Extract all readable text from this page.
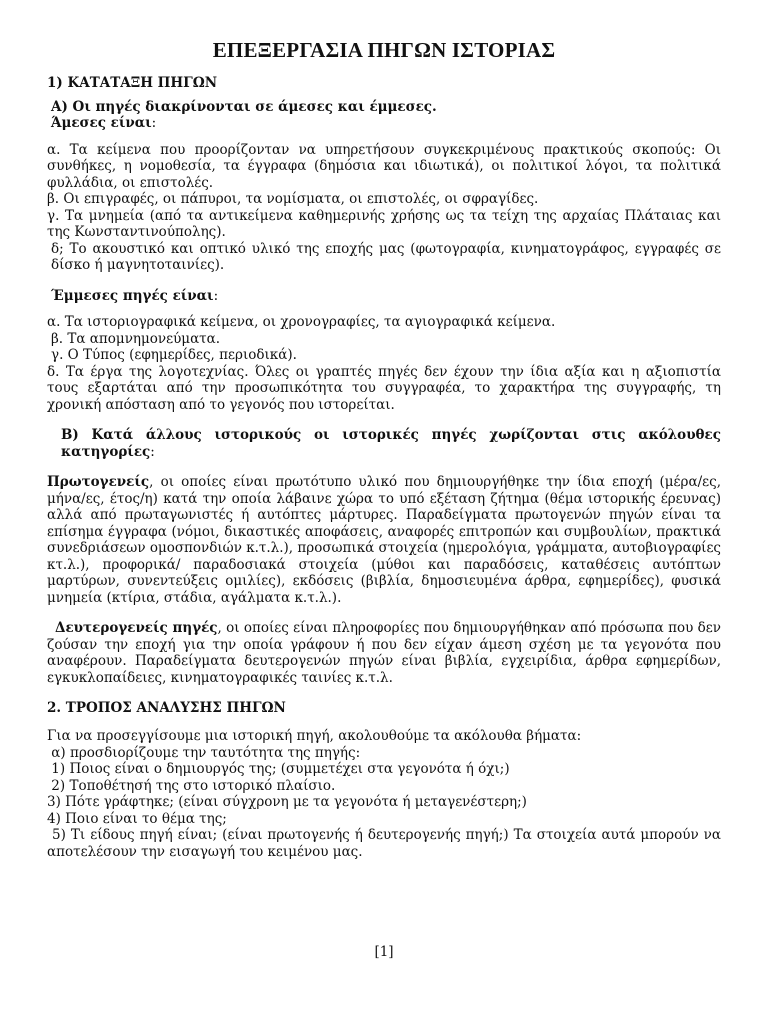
ΕΠΕΞΕΡΓΑΣΙΑ ΠΗΓΩΝ ΙΣΤΟΡΙΑΣ
1) ΚΑΤΑΤΑΞΗ ΠΗΓΩΝ
Α) Οι πηγές διακρίνονται σε άμεσες και έμμεσες.
Άμεσες είναι:
α. Τα κείμενα που προορίζονταν να υπηρετήσουν συγκεκριμένους πρακτικούς σκοπούς: Οι συνθήκες, η νομοθεσία, τα έγγραφα (δημόσια και ιδιωτικά), οι πολιτικοί λόγοι, τα πολιτικά φυλλάδια, οι επιστολές.
β. Οι επιγραφές, οι πάπυροι, τα νομίσματα, οι επιστολές, οι σφραγίδες.
γ. Τα μνημεία (από τα αντικείμενα καθημερινής χρήσης ως τα τείχη της αρχαίας Πλάταιας και της Κωνσταντινούπολης).
δ; Το ακουστικό και οπτικό υλικό της εποχής μας (φωτογραφία, κινηματογράφος, εγγραφές σε δίσκο ή μαγνητοταινίες).
Έμμεσες πηγές είναι:
α. Τα ιστοριογραφικά κείμενα, οι χρονογραφίες, τα αγιογραφικά κείμενα.
β. Τα απομνημονεύματα.
γ. Ο Τύπος (εφημερίδες, περιοδικά).
δ. Τα έργα της λογοτεχνίας. Όλες οι γραπτές πηγές δεν έχουν την ίδια αξία και η αξιοπιστία τους εξαρτάται από την προσωπικότητα του συγγραφέα, το χαρακτήρα της συγγραφής, τη χρονική απόσταση από το γεγονός που ιστορείται.
Β) Κατά άλλους ιστορικούς οι ιστορικές πηγές χωρίζονται στις ακόλουθες κατηγορίες:
Πρωτογενείς, οι οποίες είναι πρωτότυπο υλικό που δημιουργήθηκε την ίδια εποχή (μέρα/ες, μήνα/ες, έτος/η) κατά την οποία λάβαινε χώρα το υπό εξέταση ζήτημα (θέμα ιστορικής έρευνας) αλλά από πρωταγωνιστές ή αυτόπτες μάρτυρες. Παραδείγματα πρωτογενών πηγών είναι τα επίσημα έγγραφα (νόμοι, δικαστικές αποφάσεις, αναφορές επιτροπών και συμβουλίων, πρακτικά συνεδριάσεων ομοσπονδιών κ.τ.λ.), προσωπικά στοιχεία (ημερολόγια, γράμματα, αυτοβιογραφίες κτ.λ.), προφορικά/ παραδοσιακά στοιχεία (μύθοι και παραδόσεις, καταθέσεις αυτόπτων μαρτύρων, συνεντεύξεις ομιλίες), εκδόσεις (βιβλία, δημοσιευμένα άρθρα, εφημερίδες), φυσικά μνημεία (κτίρια, στάδια, αγάλματα κ.τ.λ.).
Δευτερογενείς πηγές, οι οποίες είναι πληροφορίες που δημιουργήθηκαν από πρόσωπα που δεν ζούσαν την εποχή για την οποία γράφουν ή που δεν είχαν άμεση σχέση με τα γεγονότα που αναφέρουν. Παραδείγματα δευτερογενών πηγών είναι βιβλία, εγχειρίδια, άρθρα εφημερίδων, εγκυκλοπαίδειες, κινηματογραφικές ταινίες κ.τ.λ.
2. ΤΡΟΠΟΣ ΑΝΑΛΥΣΗΣ ΠΗΓΩΝ
Για να προσεγγίσουμε μια ιστορική πηγή, ακολουθούμε τα ακόλουθα βήματα:
α) προσδιορίζουμε την ταυτότητα της πηγής:
1) Ποιος είναι ο δημιουργός της; (συμμετέχει στα γεγονότα ή όχι;)
2) Τοποθέτησή της στο ιστορικό πλαίσιο.
3) Πότε γράφτηκε; (είναι σύγχρονη με τα γεγονότα ή μεταγενέστερη;)
4) Ποιο είναι το θέμα της;
5) Τι είδους πηγή είναι; (είναι πρωτογενής ή δευτερογενής πηγή;) Τα στοιχεία αυτά μπορούν να αποτελέσουν την εισαγωγή του κειμένου μας.
[1]
